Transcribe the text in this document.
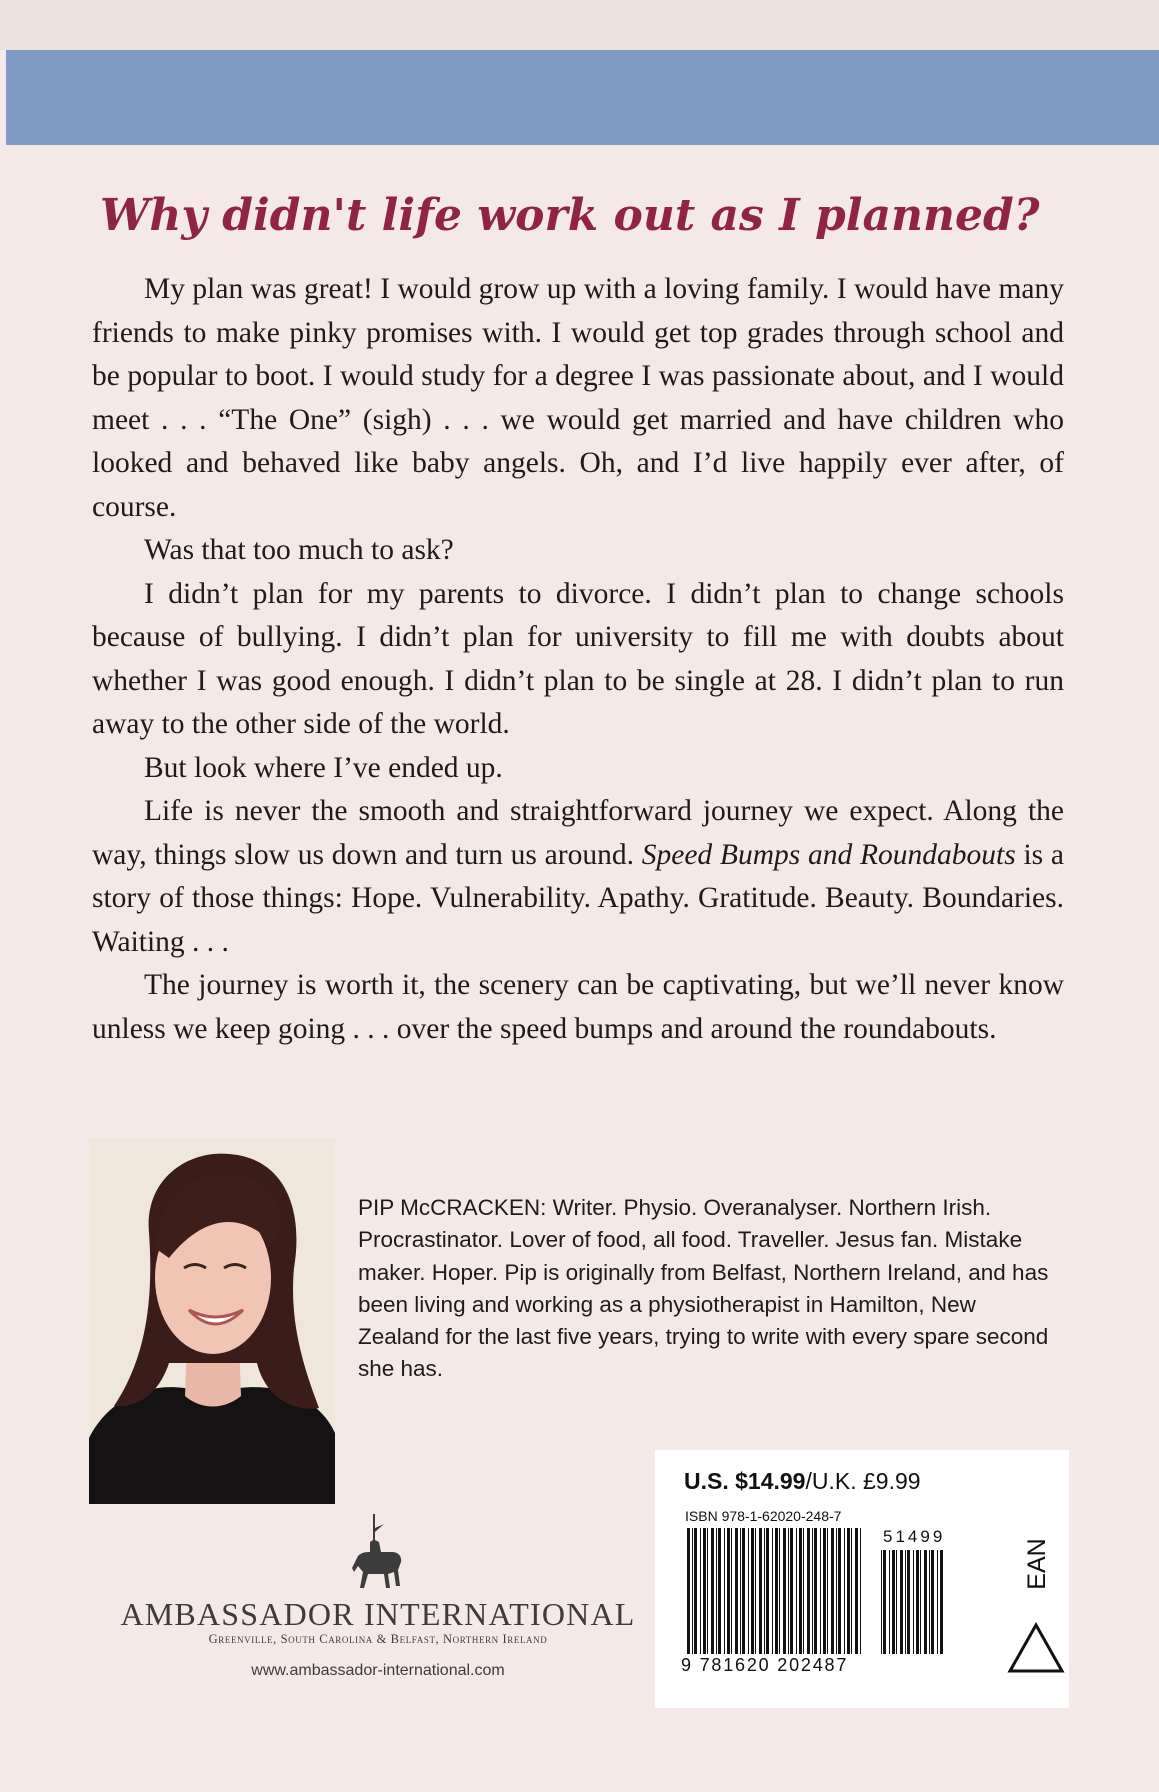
Why didn't life work out as I planned?

My plan was great! I would grow up with a loving family. I would have many friends to make pinky promises with. I would get top grades through school and be popular to boot. I would study for a degree I was passionate about, and I would meet . . . “The One” (sigh) . . . we would get married and have children who looked and behaved like baby angels. Oh, and I’d live happily ever after, of course.

Was that too much to ask?

I didn’t plan for my parents to divorce. I didn’t plan to change schools because of bullying. I didn’t plan for university to fill me with doubts about whether I was good enough. I didn’t plan to be single at 28. I didn’t plan to run away to the other side of the world.

But look where I’ve ended up.

Life is never the smooth and straightforward journey we expect. Along the way, things slow us down and turn us around. Speed Bumps and Roundabouts is a story of those things: Hope. Vulnerability. Apathy. Gratitude. Beauty. Boundaries. Waiting . . .

The journey is worth it, the scenery can be captivating, but we’ll never know unless we keep going . . . over the speed bumps and around the roundabouts.

PIP McCRACKEN: Writer. Physio. Overanalyser. Northern Irish. Procrastinator. Lover of food, all food. Traveller. Jesus fan. Mistake maker. Hoper. Pip is originally from Belfast, Northern Ireland, and has been living and working as a physiotherapist in Hamilton, New Zealand for the last five years, trying to write with every spare second she has.

AMBASSADOR INTERNATIONAL

Greenville, South Carolina & Belfast, Northern Ireland

www.ambassador-international.com

U.S. $14.99/U.K. £9.99
ISBN 978-1-62020-248-7
51499
9 781620 202487
EAN
